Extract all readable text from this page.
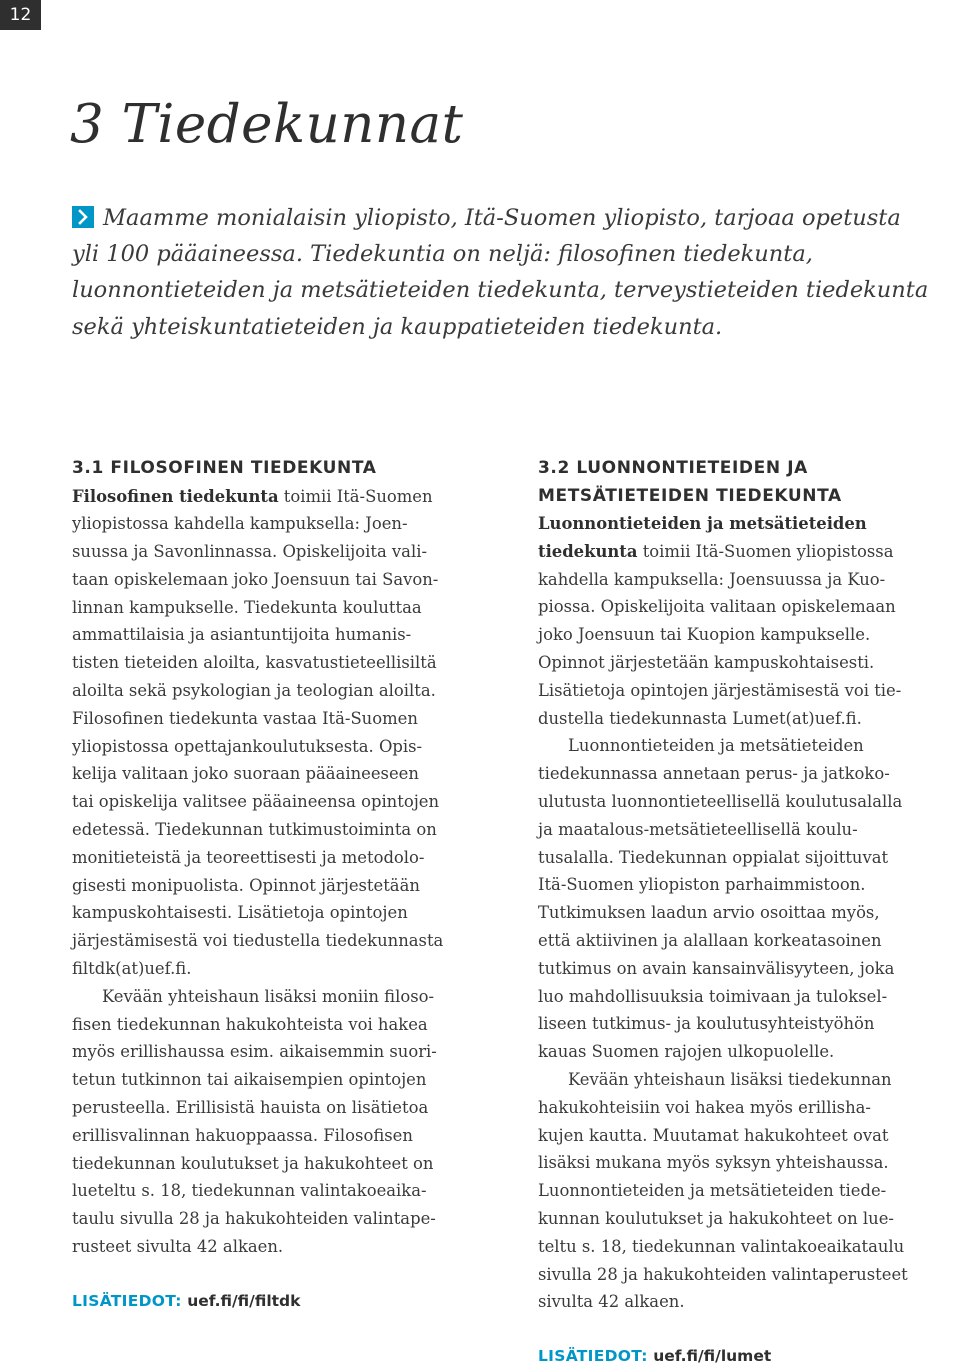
12
3 Tiedekunnat
Maamme monialaisin yliopisto, Itä-Suomen yliopisto, tarjoaa opetusta
yli 100 pääaineessa. Tiedekuntia on neljä: filosofinen tiedekunta,
luonnontieteiden ja metsätieteiden tiedekunta, terveystieteiden tiedekunta
sekä yhteiskuntatieteiden ja kauppatieteiden tiedekunta.
3.1 FILOSOFINEN TIEDEKUNTA
Filosofinen tiedekunta toimii Itä-Suomen
yliopistossa kahdella kampuksella: Joen-
suussa ja Savonlinnassa. Opiskelijoita vali-
taan opiskelemaan joko Joensuun tai Savon-
linnan kampukselle. Tiedekunta kouluttaa
ammattilaisia ja asiantuntijoita humanis-
tisten tieteiden aloilta, kasvatustieteellisiltä
aloilta sekä psykologian ja teologian aloilta.
Filosofinen tiedekunta vastaa Itä-Suomen
yliopistossa opettajankoulutuksesta. Opis-
kelija valitaan joko suoraan pääaineeseen
tai opiskelija valitsee pääaineensa opintojen
edetessä. Tiedekunnan tutkimustoiminta on
monitieteistä ja teoreettisesti ja metodolo-
gisesti monipuolista. Opinnot järjestetään
kampuskohtaisesti. Lisätietoja opintojen
järjestämisestä voi tiedustella tiedekunnasta
filtdk(at)uef.fi.
Kevään yhteishaun lisäksi moniin filoso-
fisen tiedekunnan hakukohteista voi hakea
myös erillishaussa esim. aikaisemmin suori-
tetun tutkinnon tai aikaisempien opintojen
perusteella. Erillisistä hauista on lisätietoa
erillisvalinnan hakuoppaassa. Filosofisen
tiedekunnan koulutukset ja hakukohteet on
lueteltu s. 18, tiedekunnan valintakoeaika-
taulu sivulla 28 ja hakukohteiden valintape-
rusteet sivulta 42 alkaen.
LISÄTIEDOT: uef.fi/fi/filtdk
3.2 LUONNONTIETEIDEN JA
METSÄTIETEIDEN TIEDEKUNTA
Luonnontieteiden ja metsätieteiden
tiedekunta toimii Itä-Suomen yliopistossa
kahdella kampuksella: Joensuussa ja Kuo-
piossa. Opiskelijoita valitaan opiskelemaan
joko Joensuun tai Kuopion kampukselle.
Opinnot järjestetään kampuskohtaisesti.
Lisätietoja opintojen järjestämisestä voi tie-
dustella tiedekunnasta Lumet(at)uef.fi.
Luonnontieteiden ja metsätieteiden
tiedekunnassa annetaan perus- ja jatkoko-
ulutusta luonnontieteellisellä koulutusalalla
ja maatalous-metsätieteellisellä koulu-
tusalalla. Tiedekunnan oppialat sijoittuvat
Itä-Suomen yliopiston parhaimmistoon.
Tutkimuksen laadun arvio osoittaa myös,
että aktiivinen ja alallaan korkeatasoinen
tutkimus on avain kansainvälisyyteen, joka
luo mahdollisuuksia toimivaan ja tuloksel-
liseen tutkimus- ja koulutusyhteistyöhön
kauas Suomen rajojen ulkopuolelle.
Kevään yhteishaun lisäksi tiedekunnan
hakukohteisiin voi hakea myös erillisha-
kujen kautta. Muutamat hakukohteet ovat
lisäksi mukana myös syksyn yhteishaussa.
Luonnontieteiden ja metsätieteiden tiede-
kunnan koulutukset ja hakukohteet on lue-
teltu s. 18, tiedekunnan valintakoeaikataulu
sivulla 28 ja hakukohteiden valintaperusteet
sivulta 42 alkaen.
LISÄTIEDOT: uef.fi/fi/lumet
